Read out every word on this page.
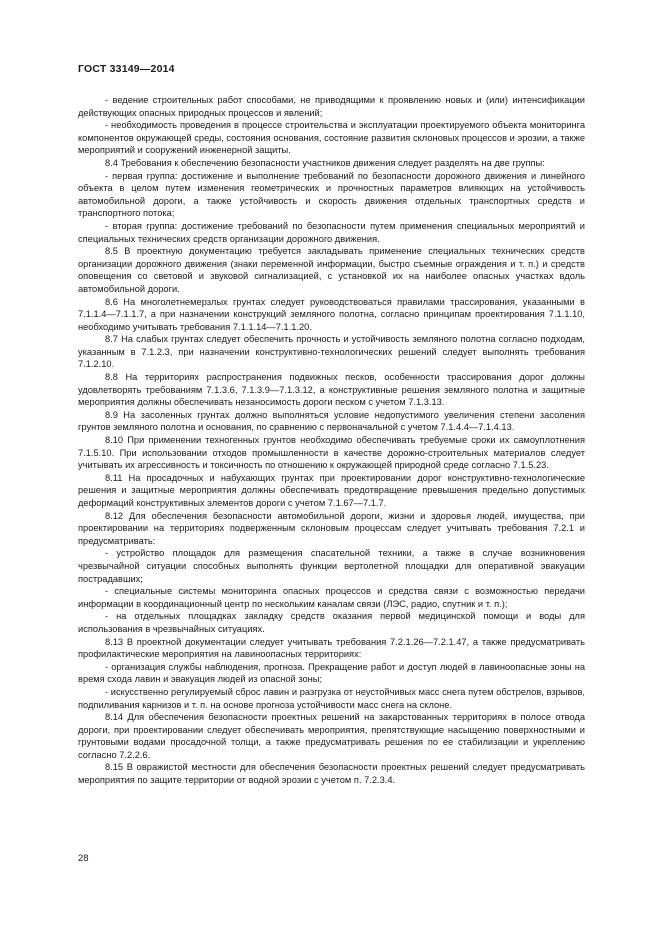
ГОСТ 33149—2014

- ведение строительных работ способами, не приводящими к проявлению новых и (или) интенсификации действующих опасных природных процессов и явлений;

- необходимость проведения в процессе строительства и эксплуатации проектируемого объекта мониторинга компонентов окружающей среды, состояния основания, состояние развития склоновых процессов и эрозии, а также мероприятий и сооружений инженерной защиты.

8.4 Требования к обеспечению безопасности участников движения следует разделять на две группы:

- первая группа: достижение и выполнение требований по безопасности дорожного движения и линейного объекта в целом путем изменения геометрических и прочностных параметров влияющих на устойчивость автомобильной дороги, а также устойчивость и скорость движения отдельных транспортных средств и транспортного потока;

- вторая группа: достижение требований по безопасности путем применения специальных мероприятий и специальных технических средств организации дорожного движения.

8.5 В проектную документацию требуется закладывать применение специальных технических средств организации дорожного движения (знаки переменной информации, быстро съемные ограждения и т. п.) и средств оповещения со световой и звуковой сигнализацией, с установкой их на наиболее опасных участках вдоль автомобильной дороги.

8.6 На многолетнемерзлых грунтах следует руководствоваться правилами трассирования, указанными в 7.1.1.4—7.1.1.7, а при назначении конструкций земляного полотна, согласно принципам проектирования 7.1.1.10, необходимо учитывать требования 7.1.1.14—7.1.1.20.

8.7 На слабых грунтах следует обеспечить прочность и устойчивость земляного полотна согласно подходам, указанным в 7.1.2.3, при назначении конструктивно-технологических решений следует выполнять требования 7.1.2.10.

8.8 На территориях распространения подвижных песков, особенности трассирования дорог должны удовлетворять требованиям 7.1.3.6, 7.1.3.9—7.1.3.12, а конструктивные решения земляного полотна и защитные мероприятия должны обеспечивать незаносимость дороги песком с учетом 7.1.3.13.

8.9 На засоленных грунтах должно выполняться условие недопустимого увеличения степени засоления грунтов земляного полотна и основания, по сравнению с первоначальной с учетом 7.1.4.4—7.1.4.13.

8.10 При применении техногенных грунтов необходимо обеспечивать требуемые сроки их самоуплотнения 7.1.5.10. При использовании отходов промышленности в качестве дорожно-строительных материалов следует учитывать их агрессивность и токсичность по отношению к окружающей природной среде согласно 7.1.5.23.

8.11 На просадочных и набухающих грунтах при проектировании дорог конструктивно-технологические решения и защитные мероприятия должны обеспечивать предотвращение превышения предельно допустимых деформаций конструктивных элементов дороги с учетом 7.1.67—7.1.7.

8.12 Для обеспечения безопасности автомобильной дороги, жизни и здоровья людей, имущества, при проектировании на территориях подверженным склоновым процессам следует учитывать требования 7.2.1 и предусматривать:

- устройство площадок для размещения спасательной техники, а также в случае возникновения чрезвычайной ситуации способных выполнять функции вертолетной площадки для оперативной эвакуации пострадавших;

- специальные системы мониторинга опасных процессов и средства связи с возможностью передачи информации в координационный центр по нескольким каналам связи (ЛЭС, радио, спутник и т. п.);

- на отдельных площадках закладку средств оказания первой медицинской помощи и воды для использования в чрезвычайных ситуациях.

8.13 В проектной документации следует учитывать требования 7.2.1.26—7.2.1.47, а также предусматривать профилактические мероприятия на лавиноопасных территориях:

- организация службы наблюдения, прогноза. Прекращение работ и доступ людей в лавиноопасные зоны на время схода лавин и эвакуация людей из опасной зоны;

- искусственно регулируемый сброс лавин и разгрузка от неустойчивых масс снега путем обстрелов, взрывов, подпиливания карнизов и т. п. на основе прогноза устойчивости масс снега на склоне.

8.14 Для обеспечения безопасности проектных решений на закарстованных территориях в полосе отвода дороги, при проектировании следует обеспечивать мероприятия, препятствующие насыщению поверхностными и грунтовыми водами просадочной толщи, а также предусматривать решения по ее стабилизации и укреплению согласно 7.2.2.6.

8.15 В овражистой местности для обеспечения безопасности проектных решений следует предусматривать мероприятия по защите территории от водной эрозии с учетом п. 7.2.3.4.

28
